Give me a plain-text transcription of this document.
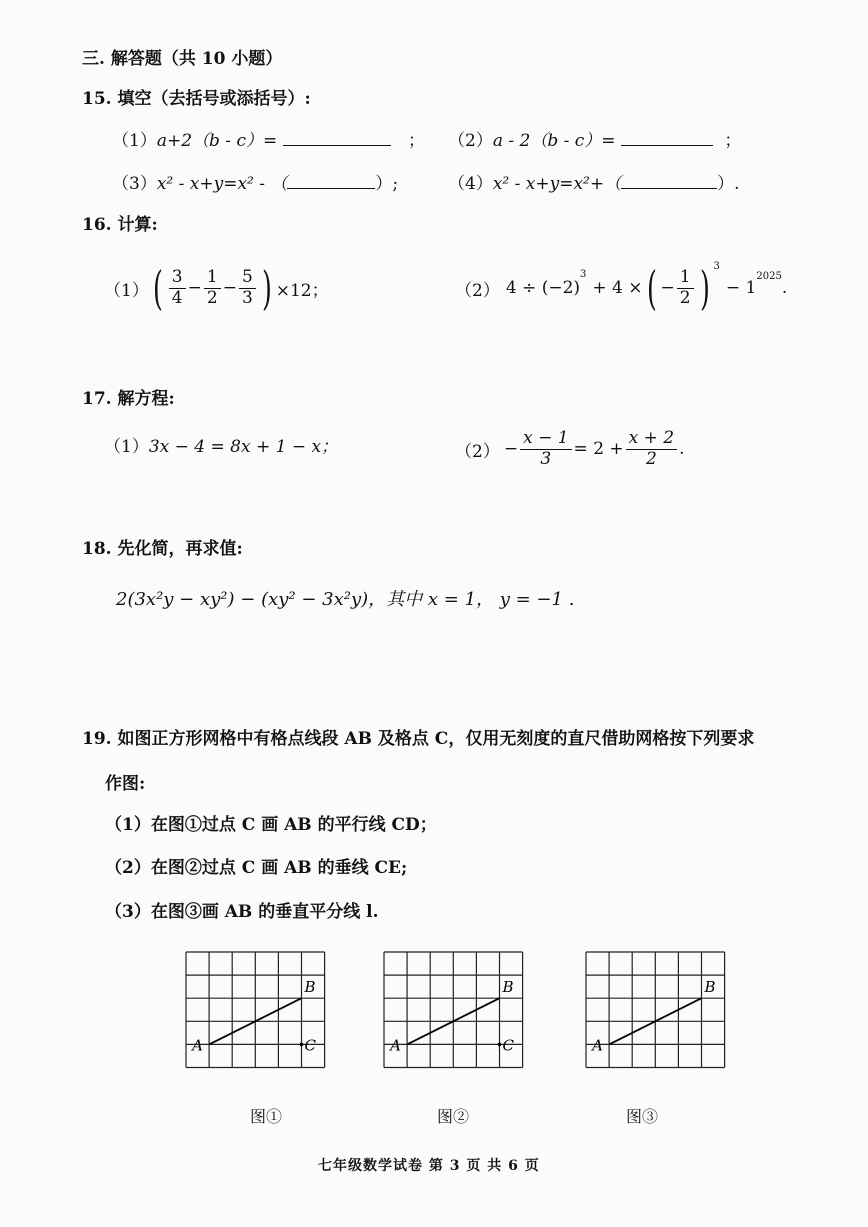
三. 解答题（共 10 小题）
15. 填空（去括号或添括号）:
（1）a+2（b - c）=	； （2）a - 2（b - c）=	；
（3）x² - x+y=x² - （	）;	（4）x² - x+y=x²+（	）.
16. 计算:
（1） ( $\frac{3}{4} - \frac{1}{2} - \frac{5}{3}$ ) ×12；	（2） 4 ÷ (−2)
3
+ 4 × ( − $\frac{1}{2}$ ) 3
− 1
2025
.
17. 解方程:
（1）3x − 4 = 8x + 1 − x；	$(2) - \frac{x - 1}{3} = 2 + \frac{x + 2}{2}$ .
18. 先化简，再求值:
2(3x²y − xy²) − (xy² − 3x²y)，其中 x = 1， y = −1 .
19. 如图正方形网格中有格点线段 AB 及格点 C，仅用无刻度的直尺借助网格按下列要求
作图:
（1）在图①过点 C 画 AB 的平行线 CD；
（2）在图②过点 C 画 AB 的垂线 CE;
（3）在图③画 AB 的垂直平分线 l.
A
B
C	A
B
C	A
B
图①	图②	图③
七年级数学试卷 第 3 页 共 6 页
